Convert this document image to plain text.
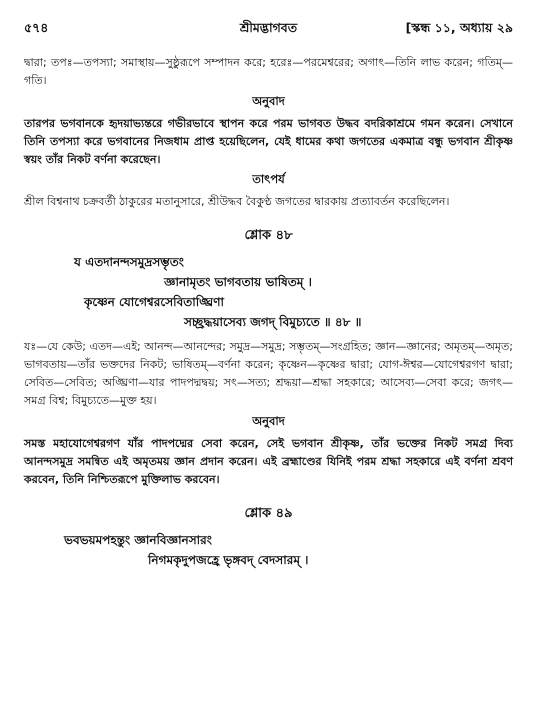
৫৭৪	শ্রীমদ্ভাগবত	[স্কন্ধ ১১, অধ্যায় ২৯

দ্বারা; তপঃ—তপস্যা; সমাস্থায়—সুষ্ঠুরূপে সম্পাদন করে; হরেঃ—পরমেশ্বরের; অগাৎ—তিনি লাভ করেন; গতিম্—গতি।

অনুবাদ

তারপর ভগবানকে হৃদয়াভ্যন্তরে গভীরভাবে স্থাপন করে পরম ভাগবত উদ্ধব বদরিকাশ্রমে গমন করেন। সেখানে তিনি তপস্যা করে ভগবানের নিজধাম প্রাপ্ত হয়েছিলেন, যেই ধামের কথা জগতের একমাত্র বন্ধু ভগবান শ্রীকৃষ্ণ স্বয়ং তাঁর নিকট বর্ণনা করেছেন।

তাৎপর্য

শ্রীল বিশ্বনাথ চক্রবর্তী ঠাকুরের মতানুসারে, শ্রীউদ্ধব বৈকুণ্ঠ জগতের দ্বারকায় প্রত্যাবর্তন করেছিলেন।

শ্লোক ৪৮
য এতদানন্দসমুদ্রসম্ভৃতং
জ্ঞানামৃতং ভাগবতায় ভাষিতম্ ।
কৃষ্ণেন যোগেশ্বরসেবিতাঙ্ঘ্রিণা
সচ্ছ্রদ্ধয়াসেব্য জগদ্ বিমুচ্যতে ॥ ৪৮ ॥

যঃ—যে কেউ; এতদ—এই; আনন্দ—আনন্দের; সমুদ্র—সমুদ্র; সম্ভৃতম্—সংগ্রহিত; জ্ঞান—জ্ঞানের; অমৃতম্—অমৃত; ভাগবতায়—তাঁর ভক্তদের নিকট; ভাষিতম্—বর্ণনা করেন; কৃষ্ণেন—কৃষ্ণের দ্বারা; যোগ-ঈশ্বর—যোগেশ্বরগণ দ্বারা; সেবিত—সেবিত; অঙ্ঘ্রিণা—যার পাদপদ্মদ্বয়; সৎ—সত্য; শ্রদ্ধয়া—শ্রদ্ধা সহকারে; আসেব্য—সেবা করে; জগৎ—সমগ্র বিশ্ব; বিমুচ্যতে—মুক্ত হয়।

অনুবাদ

সমস্ত মহাযোগেশ্বরগণ যাঁর পাদপদ্মের সেবা করেন, সেই ভগবান শ্রীকৃষ্ণ, তাঁর ভক্তের নিকট সমগ্র দিব্য আনন্দসমুদ্র সমন্বিত এই অমৃতময় জ্ঞান প্রদান করেন। এই ব্রহ্মাণ্ডের যিনিই পরম শ্রদ্ধা সহকারে এই বর্ণনা শ্রবণ করবেন, তিনি নিশ্চিতরূপে মুক্তিলাভ করবেন।

শ্লোক ৪৯
ভবভয়মপহন্তুং জ্ঞানবিজ্ঞানসারং
নিগমকৃদুপজহ্রে ভৃঙ্গবদ্ বেদসারম্ ।
